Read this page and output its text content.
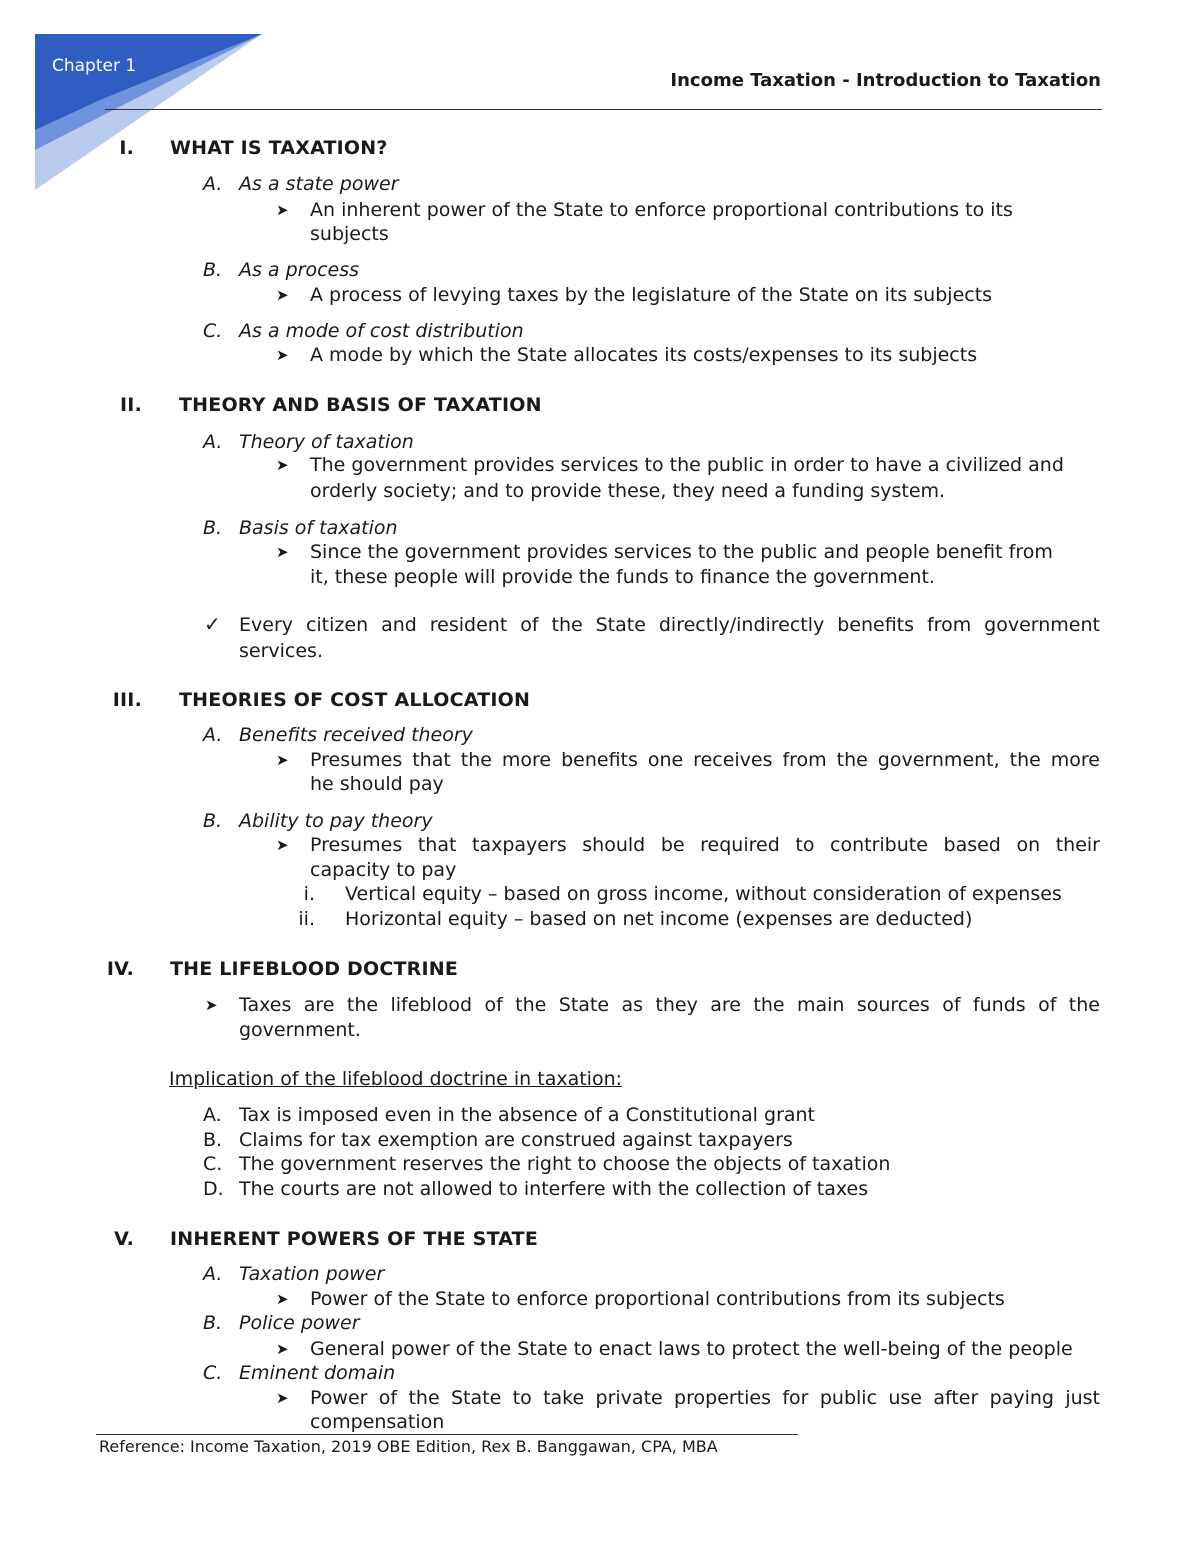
Chapter 1
Income Taxation - Introduction to Taxation
I. WHAT IS TAXATION?
A. As a state power
➤ An inherent power of the State to enforce proportional contributions to its
subjects
B. As a process
➤ A process of levying taxes by the legislature of the State on its subjects
C. As a mode of cost distribution
➤ A mode by which the State allocates its costs/expenses to its subjects
II. THEORY AND BASIS OF TAXATION
A. Theory of taxation
➤ The government provides services to the public in order to have a civilized and
orderly society; and to provide these, they need a funding system.
B. Basis of taxation
➤ Since the government provides services to the public and people benefit from
it, these people will provide the funds to finance the government.
✓ Every citizen and resident of the State directly/indirectly benefits from government
services.
III. THEORIES OF COST ALLOCATION
A. Benefits received theory
➤ Presumes that the more benefits one receives from the government, the more
he should pay
B. Ability to pay theory
➤ Presumes that taxpayers should be required to contribute based on their
capacity to pay
i. Vertical equity – based on gross income, without consideration of expenses
ii. Horizontal equity – based on net income (expenses are deducted)
IV. THE LIFEBLOOD DOCTRINE
➤ Taxes are the lifeblood of the State as they are the main sources of funds of the
government.
Implication of the lifeblood doctrine in taxation:
A. Tax is imposed even in the absence of a Constitutional grant
B. Claims for tax exemption are construed against taxpayers
C. The government reserves the right to choose the objects of taxation
D. The courts are not allowed to interfere with the collection of taxes
V. INHERENT POWERS OF THE STATE
A. Taxation power
➤ Power of the State to enforce proportional contributions from its subjects
B. Police power
➤ General power of the State to enact laws to protect the well-being of the people
C. Eminent domain
➤ Power of the State to take private properties for public use after paying just
compensation
Reference: Income Taxation, 2019 OBE Edition, Rex B. Banggawan, CPA, MBA
